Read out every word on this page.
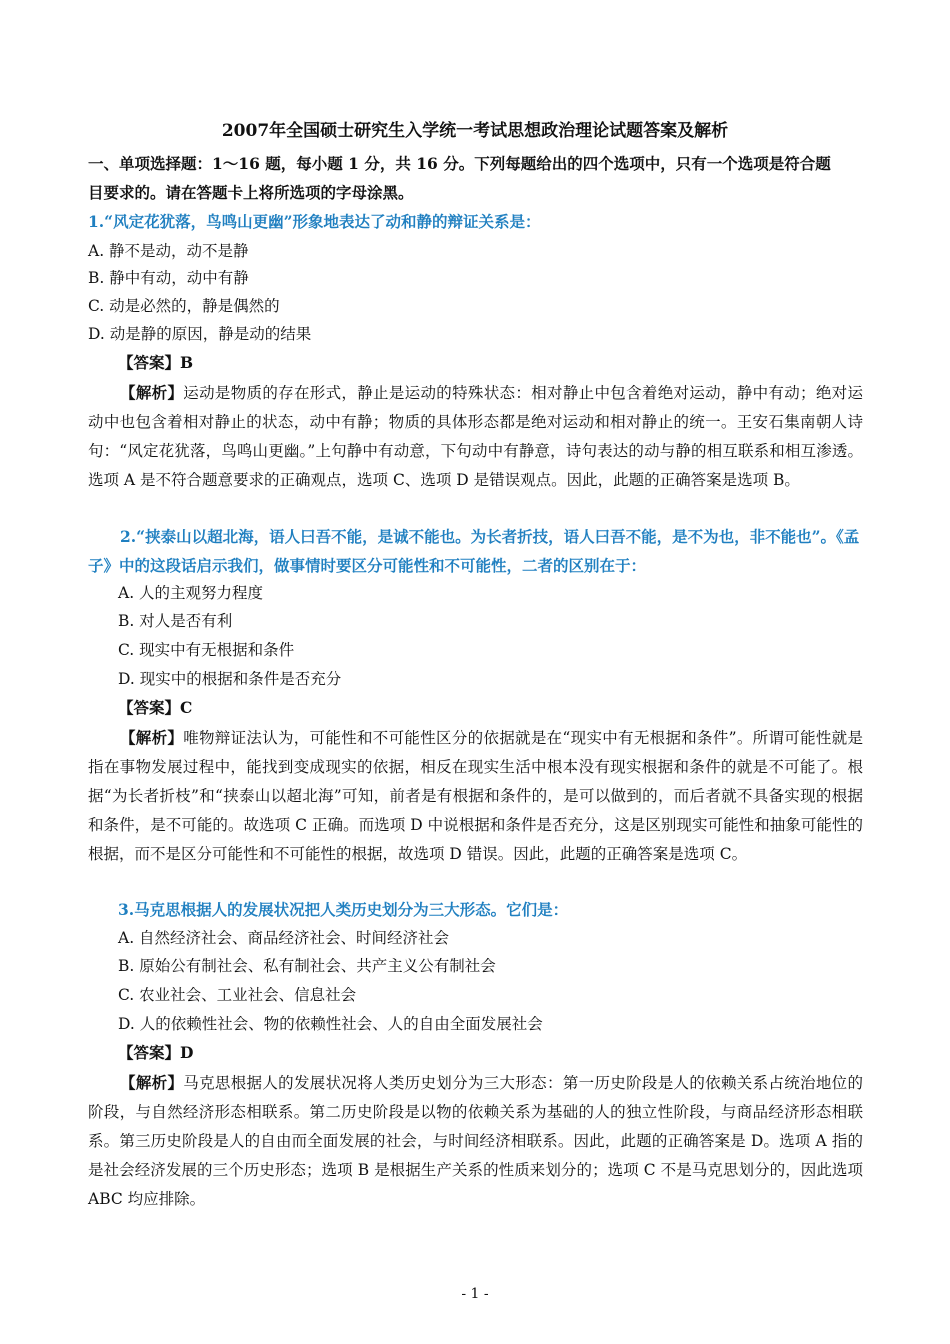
2007年全国硕士研究生入学统一考试思想政治理论试题答案及解析
一、单项选择题：1～16 题，每小题 1 分，共 16 分。下列每题给出的四个选项中，只有一个选项是符合题
目要求的。请在答题卡上将所选项的字母涂黑。
1.“风定花犹落，鸟鸣山更幽”形象地表达了动和静的辩证关系是：
A. 静不是动，动不是静
B. 静中有动，动中有静
C. 动是必然的，静是偶然的
D. 动是静的原因，静是动的结果
【答案】B
【解析】运动是物质的存在形式，静止是运动的特殊状态：相对静止中包含着绝对运动，静中有动；绝对运动中也包含着相对静止的状态，动中有静；物质的具体形态都是绝对运动和相对静止的统一。王安石集南朝人诗句：“风定花犹落，鸟鸣山更幽。”上句静中有动意，下句动中有静意，诗句表达的动与静的相互联系和相互渗透。选项 A 是不符合题意要求的正确观点，选项 C、选项 D 是错误观点。因此，此题的正确答案是选项 B。
2.“挟泰山以超北海，语人曰吾不能，是诚不能也。为长者折技，语人曰吾不能，是不为也，非不能也”。《孟子》中的这段话启示我们，做事情时要区分可能性和不可能性，二者的区别在于：
A. 人的主观努力程度
B. 对人是否有利
C. 现实中有无根据和条件
D. 现实中的根据和条件是否充分
【答案】C
【解析】唯物辩证法认为，可能性和不可能性区分的依据就是在“现实中有无根据和条件”。所谓可能性就是指在事物发展过程中，能找到变成现实的依据，相反在现实生活中根本没有现实根据和条件的就是不可能了。根据“为长者折枝”和“挟泰山以超北海”可知，前者是有根据和条件的，是可以做到的，而后者就不具备实现的根据和条件，是不可能的。故选项 C 正确。而选项 D 中说根据和条件是否充分，这是区别现实可能性和抽象可能性的根据，而不是区分可能性和不可能性的根据，故选项 D 错误。因此，此题的正确答案是选项 C。
3.马克思根据人的发展状况把人类历史划分为三大形态。它们是：
A. 自然经济社会、商品经济社会、时间经济社会
B. 原始公有制社会、私有制社会、共产主义公有制社会
C. 农业社会、工业社会、信息社会
D. 人的依赖性社会、物的依赖性社会、人的自由全面发展社会
【答案】D
【解析】马克思根据人的发展状况将人类历史划分为三大形态：第一历史阶段是人的依赖关系占统治地位的阶段，与自然经济形态相联系。第二历史阶段是以物的依赖关系为基础的人的独立性阶段，与商品经济形态相联系。第三历史阶段是人的自由而全面发展的社会，与时间经济相联系。因此，此题的正确答案是 D。选项 A 指的是社会经济发展的三个历史形态；选项 B 是根据生产关系的性质来划分的；选项 C 不是马克思划分的，因此选项 ABC 均应排除。
- 1 -
